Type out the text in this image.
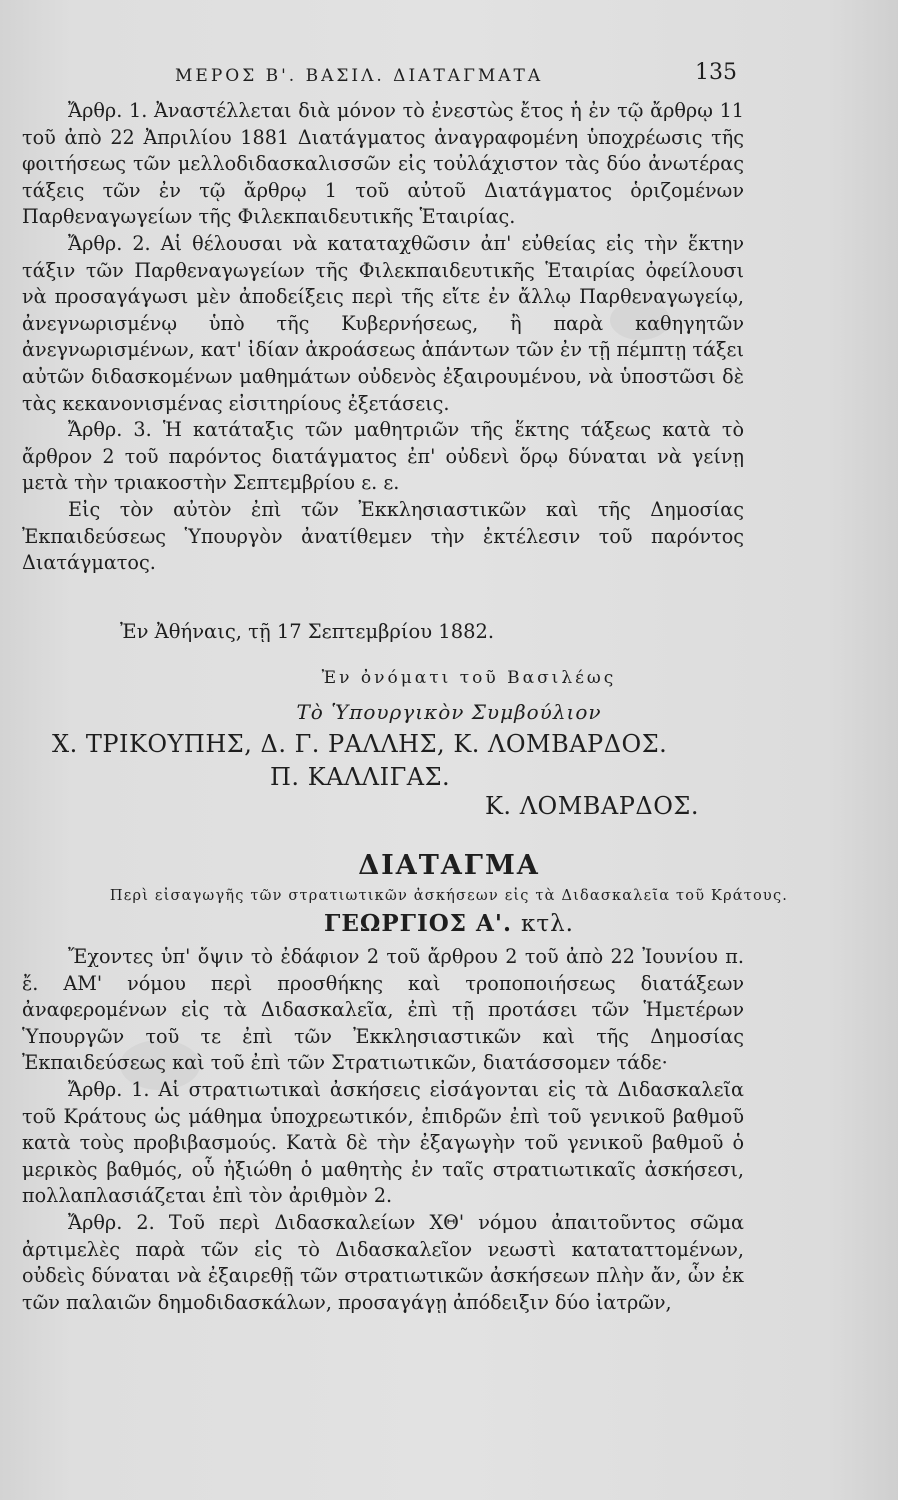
ΜΕΡΟΣ Β'. ΒΑΣΙΛ. ΔΙΑΤΑΓΜΑΤΑ	135

Ἄρθρ. 1. Ἀναστέλλεται διὰ μόνον τὸ ἐνεστὼς ἔτος ἡ ἐν τῷ ἄρθρῳ 11 τοῦ ἀπὸ 22 Ἀπριλίου 1881 Διατάγματος ἀναγραφομένη ὑποχρέωσις τῆς φοιτήσεως τῶν μελλοδιδασκαλισσῶν εἰς τοὐλάχιστον τὰς δύο ἀνωτέρας τάξεις τῶν ἐν τῷ ἄρθρῳ 1 τοῦ αὐτοῦ Διατάγματος ὁριζομένων Παρθεναγωγείων τῆς Φιλεκπαιδευτικῆς Ἑταιρίας.

Ἄρθρ. 2. Αἱ θέλουσαι νὰ καταταχθῶσιν ἀπ' εὐθείας εἰς τὴν ἕκτην τάξιν τῶν Παρθεναγωγείων τῆς Φιλεκπαιδευτικῆς Ἑταιρίας ὀφείλουσι νὰ προσαγάγωσι μὲν ἀποδείξεις περὶ τῆς εἴτε ἐν ἄλλῳ Παρθεναγωγείῳ, ἀνεγνωρισμένῳ ὑπὸ τῆς Κυβερνήσεως, ἢ παρὰ καθηγητῶν ἀνεγνωρισμένων, κατ' ἰδίαν ἀκροάσεως ἁπάντων τῶν ἐν τῇ πέμπτῃ τάξει αὐτῶν διδασκομένων μαθημάτων οὐδενὸς ἐξαιρουμένου, νὰ ὑποστῶσι δὲ τὰς κεκανονισμένας εἰσιτηρίους ἐξετάσεις.

Ἄρθρ. 3. Ἡ κατάταξις τῶν μαθητριῶν τῆς ἕκτης τάξεως κατὰ τὸ ἄρθρον 2 τοῦ παρόντος διατάγματος ἐπ' οὐδενὶ ὅρῳ δύναται νὰ γείνῃ μετὰ τὴν τριακοστὴν Σεπτεμβρίου ε. ε.

Εἰς τὸν αὐτὸν ἐπὶ τῶν Ἐκκλησιαστικῶν καὶ τῆς Δημοσίας Ἐκπαιδεύσεως Ὑπουργὸν ἀνατίθεμεν τὴν ἐκτέλεσιν τοῦ παρόντος Διατάγματος.

Ἐν Ἀθήναις, τῇ 17 Σεπτεμβρίου 1882.
Ἐν ὀνόματι τοῦ Βασιλέως
Τὸ Ὑπουργικὸν Συμβούλιον
Χ. ΤΡΙΚΟΥΠΗΣ, Δ. Γ. ΡΑΛΛΗΣ, Κ. ΛΟΜΒΑΡΔΟΣ.
Π. ΚΑΛΛΙΓΑΣ.
Κ. ΛΟΜΒΑΡΔΟΣ.
ΔΙΑΤΑΓΜΑ
Περὶ εἰσαγωγῆς τῶν στρατιωτικῶν ἀσκήσεων εἰς τὰ Διδασκαλεῖα τοῦ Κράτους.
ΓΕΩΡΓΙΟΣ Α'. κτλ.

Ἔχοντες ὑπ' ὄψιν τὸ ἐδάφιον 2 τοῦ ἄρθρου 2 τοῦ ἀπὸ 22 Ἰουνίου π. ἔ. ΑΜ' νόμου περὶ προσθήκης καὶ τροποποιήσεως διατάξεων ἀναφερομένων εἰς τὰ Διδασκαλεῖα, ἐπὶ τῇ προτάσει τῶν Ἡμετέρων Ὑπουργῶν τοῦ τε ἐπὶ τῶν Ἐκκλησιαστικῶν καὶ τῆς Δημοσίας Ἐκπαιδεύσεως καὶ τοῦ ἐπὶ τῶν Στρατιωτικῶν, διατάσσομεν τάδε·

Ἄρθρ. 1. Αἱ στρατιωτικαὶ ἀσκήσεις εἰσάγονται εἰς τὰ Διδασκαλεῖα τοῦ Κράτους ὡς μάθημα ὑποχρεωτικόν, ἐπιδρῶν ἐπὶ τοῦ γενικοῦ βαθμοῦ κατὰ τοὺς προβιβασμούς. Κατὰ δὲ τὴν ἐξαγωγὴν τοῦ γενικοῦ βαθμοῦ ὁ μερικὸς βαθμός, οὗ ἠξιώθη ὁ μαθητὴς ἐν ταῖς στρατιωτικαῖς ἀσκήσεσι, πολλαπλασιάζεται ἐπὶ τὸν ἀριθμὸν 2.

Ἄρθρ. 2. Τοῦ περὶ Διδασκαλείων ΧΘ' νόμου ἀπαιτοῦντος σῶμα ἀρτιμελὲς παρὰ τῶν εἰς τὸ Διδασκαλεῖον νεωστὶ καταταττομένων, οὐδεὶς δύναται νὰ ἐξαιρεθῇ τῶν στρατιωτικῶν ἀσκήσεων πλὴν ἄν, ὧν ἐκ τῶν παλαιῶν δημοδιδασκάλων, προσαγάγῃ ἀπόδειξιν δύο ἰατρῶν,
